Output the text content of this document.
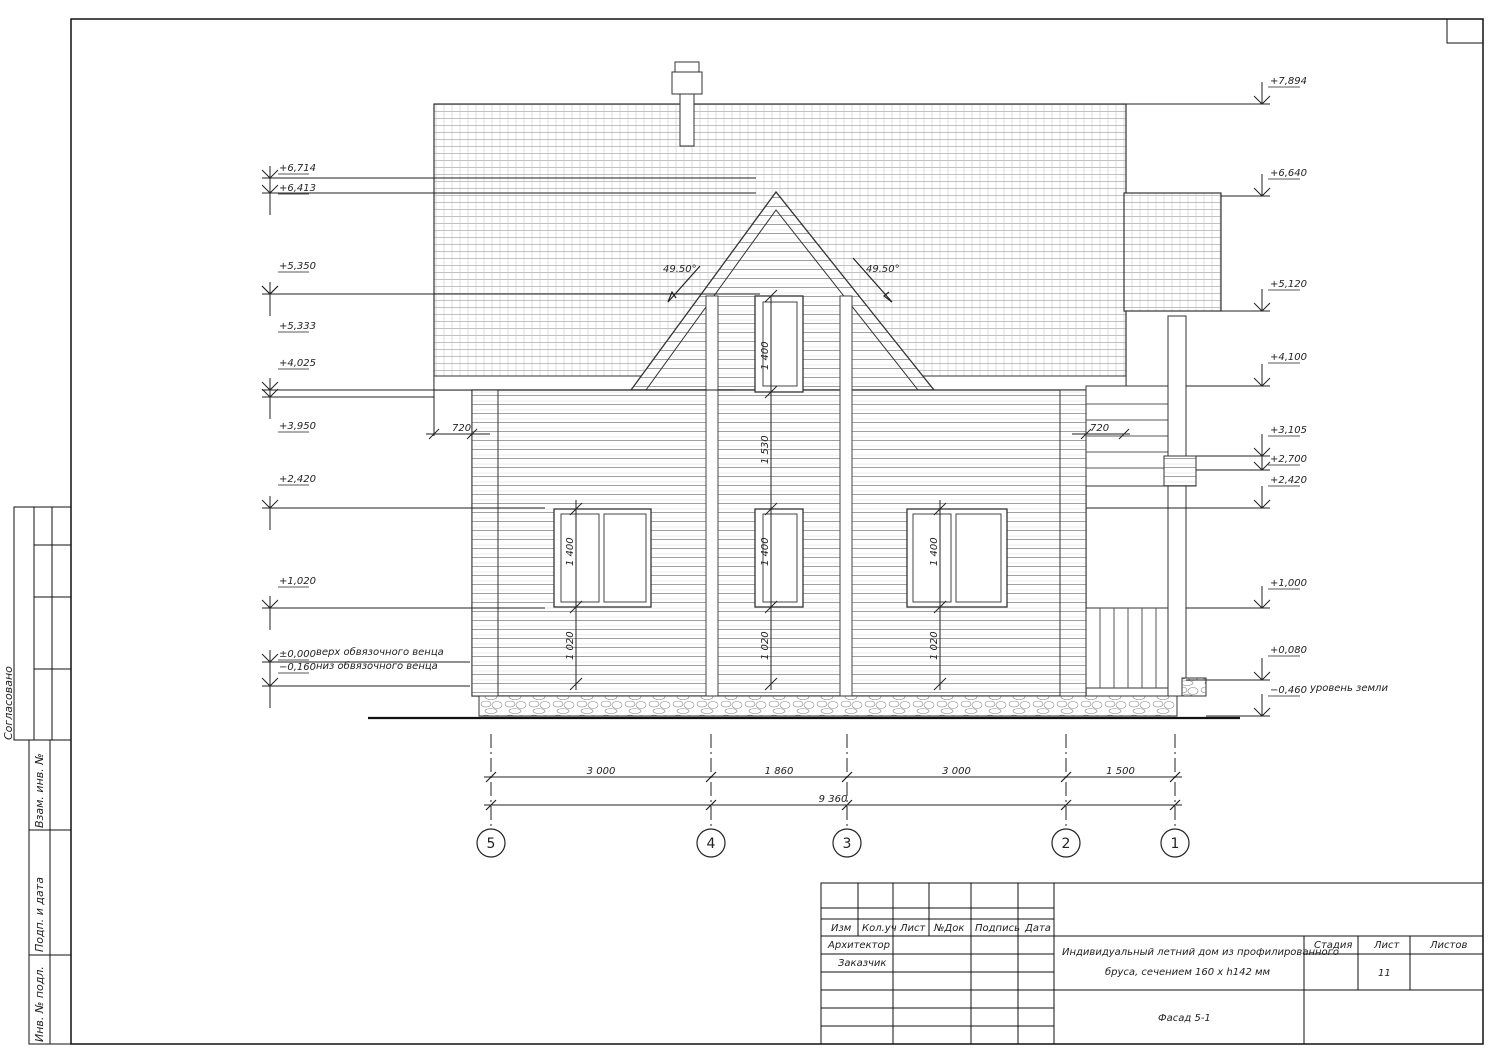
Согласовано
Взам. инв. №
Подп. и дата
Инв. № подл.
1 400
1 530
1 400	1 400	1 400
1 020	1 020	1 020
49.50°	49.50°
720	720
+6,714
+6,413
+5,350
+5,333
+4,025
+3,950
+2,420
+1,020
±0,000
−0,160
+7,894
+6,640
+5,120
+4,100
+3,105
+2,700
+2,420
+1,000
+0,080
−0,460
верх обвязочного венца
низ обвязочного венца
уровень земли
5	4	3	2	1
3 000	1 860	3 000	1 500
9 360
Изм Кол.уч Лист №Док Подпись Дата
Архитектор
Заказчик
Индивидуальный летний дом из профилированного
бруса, сечением 160 x h142 мм
Фасад 5-1
Стадия Лист	Листов
11
